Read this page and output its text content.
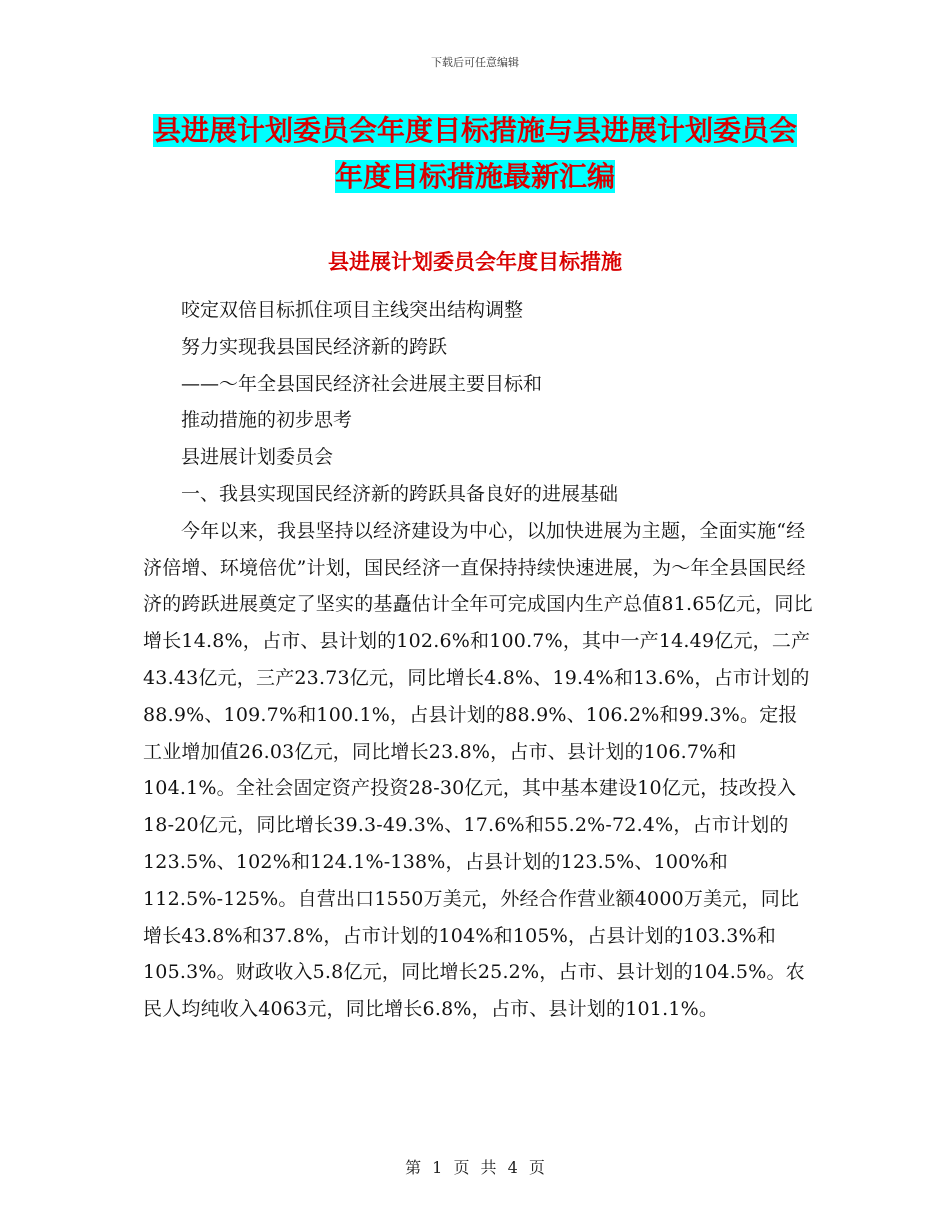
下载后可任意编辑
县进展计划委员会年度目标措施与县进展计划委员会
年度目标措施最新汇编
县进展计划委员会年度目标措施

咬定双倍目标抓住项目主线突出结构调整

努力实现我县国民经济新的跨跃

——～年全县国民经济社会进展主要目标和

推动措施的初步思考

县进展计划委员会

一、我县实现国民经济新的跨跃具备良好的进展基础

今年以来，我县坚持以经济建设为中心，以加快进展为主题，全面实施“经济倍增、环境倍优”计划，国民经济一直保持持续快速进展，为～年全县国民经济的跨跃进展奠定了坚实的基矗估计全年可完成国内生产总值81.65亿元，同比增长14.8%，占市、县计划的102.6%和100.7%，其中一产14.49亿元，二产43.43亿元，三产23.73亿元，同比增长4.8%、19.4%和13.6%，占市计划的88.9%、109.7%和100.1%，占县计划的88.9%、106.2%和99.3%。定报工业增加值26.03亿元，同比增长23.8%，占市、县计划的106.7%和104.1%。全社会固定资产投资28-30亿元，其中基本建设10亿元，技改投入18-20亿元，同比增长39.3-49.3%、17.6%和55.2%-72.4%，占市计划的123.5%、102%和124.1%-138%，占县计划的123.5%、100%和112.5%-125%。自营出口1550万美元，外经合作营业额4000万美元，同比增长43.8%和37.8%，占市计划的104%和105%，占县计划的103.3%和105.3%。财政收入5.8亿元，同比增长25.2%，占市、县计划的104.5%。农民人均纯收入4063元，同比增长6.8%，占市、县计划的101.1%。

第 1 页 共 4 页
